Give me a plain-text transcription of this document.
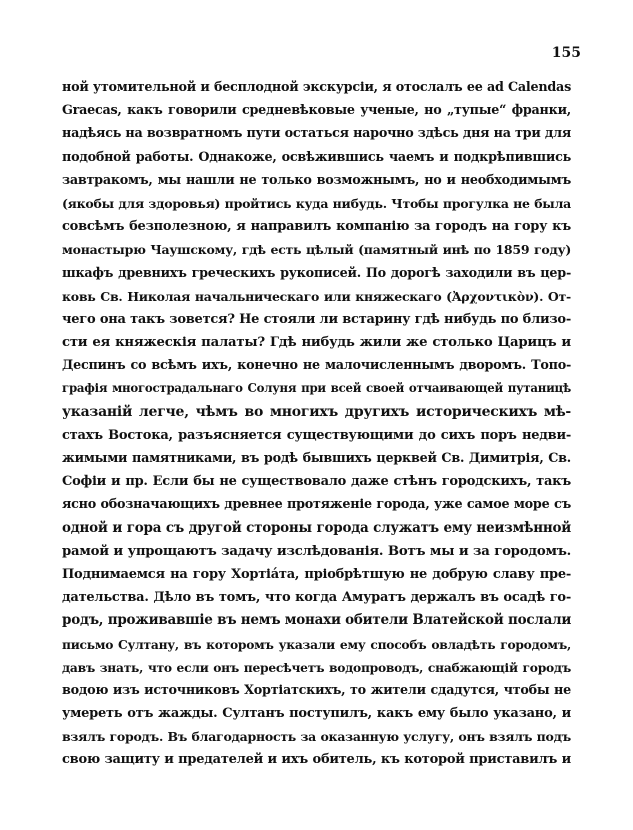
155
ной утомительной и бесплодной экскурсіи, я отослалъ ее ad Calendas
Graecas, какъ говорили средневѣковые ученые, но „тупые“ франки,
надѣясь на возвратномъ пути остаться нарочно здѣсь дня на три для
подобной работы. Однакоже, освѣжившись чаемъ и подкрѣпившись
завтракомъ, мы нашли не только возможнымъ, но и необходимымъ
(якобы для здоровья) пройтись куда нибудь. Чтобы прогулка не была
совсѣмъ безполезною, я направилъ компанію за городъ на гору къ
монастырю Чаушскому, гдѣ есть цѣлый (памятный инѣ по 1859 году)
шкафъ древнихъ греческихъ рукописей. По дорогѣ заходили въ цер-
ковь Св. Николая начальническаго или княжескаго (Ἀρχοντικὸν). От-
чего она такъ зовется? Не стояли ли встарину гдѣ нибудь по близо-
сти ея княжескія палаты? Гдѣ нибудь жили же столько Царицъ и
Деспинъ со всѣмъ ихъ, конечно не малочисленнымъ дворомъ. Топо-
графія многострадальнаго Солуня при всей своей отчаивающей путаницѣ
указаній легче, чѣмъ во многихъ другихъ историческихъ мѣ-
стахъ Востока, разъясняется существующими до сихъ поръ недви-
жимыми памятниками, въ родѣ бывшихъ церквей Св. Димитрія, Св.
Софіи и пр. Если бы не существовало даже стѣнъ городскихъ, такъ
ясно обозначающихъ древнее протяженіе города, уже самое море съ
одной и гора съ другой стороны города служатъ ему неизмѣнной
рамой и упрощаютъ задачу изслѣдованія. Вотъ мы и за городомъ.
Поднимаемся на гору Хортіáта, пріобрѣтшую не добрую славу пре-
дательства. Дѣло въ томъ, что когда Амуратъ держалъ въ осадѣ го-
родъ, проживавшіе въ немъ монахи обители Влатейской послали
письмо Султану, въ которомъ указали ему способъ овладѣть городомъ,
давъ знать, что если онъ пересѣчетъ водопроводъ, снабжающій городъ
водою изъ источниковъ Хортіатскихъ, то жители сдадутся, чтобы не
умереть отъ жажды. Султанъ поступилъ, какъ ему было указано, и
взялъ городъ. Въ благодарность за оказанную услугу, онъ взялъ подъ
свою защиту и предателей и ихъ обитель, къ которой приставилъ и
